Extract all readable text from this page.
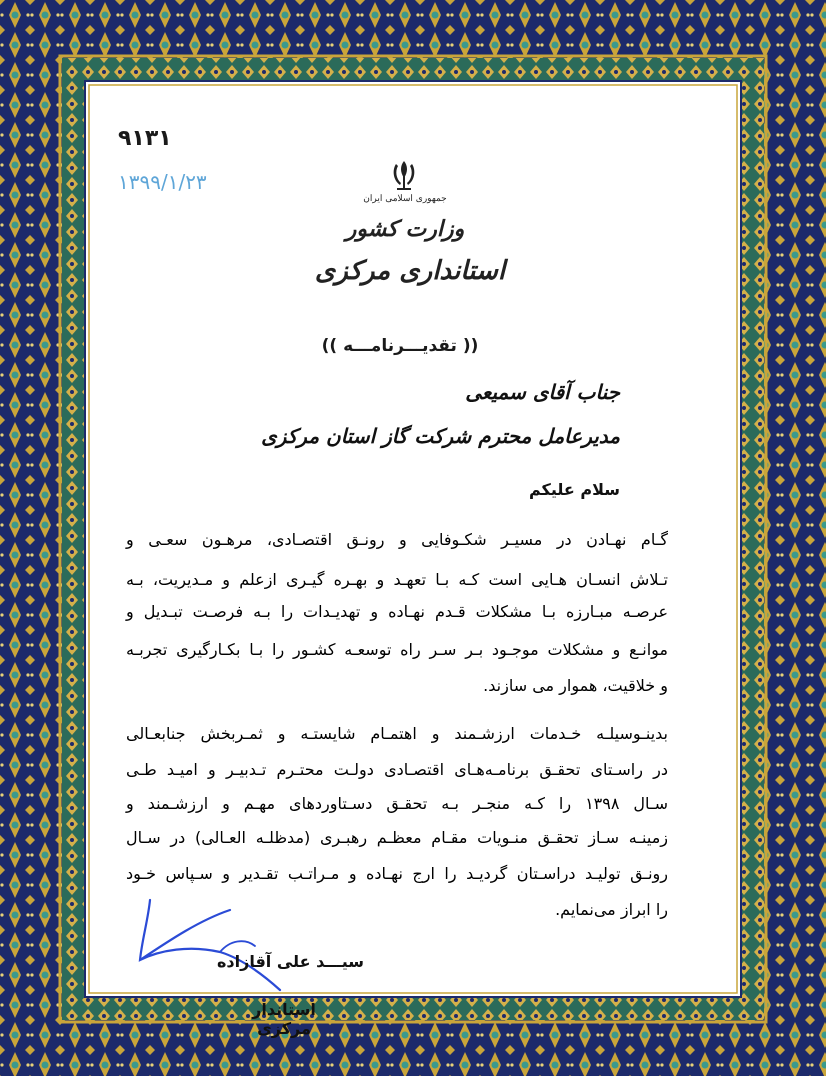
۹۱۳۱
۱۳۹۹/۱/۲۳
جمهوری اسلامی ایران
وزارت کشور
استانداری مرکزی
(( تقدیـــرنامـــه ))
جناب آقای سمیعی
مدیرعامل محترم شرکت گاز استان مرکزی
سلام علیکم
گـام نهـادن در مسیـر شکـوفایی و رونـق اقتصـادی، مرهـون سعـی و
تـلاش انسـان هـایی است کـه بـا تعهـد و بهـره گیـری ازعلم و مـدیریت، بـه
عرصـه مبـارزه بـا مشکلات قـدم نهـاده و تهدیـدات را بـه فرصـت تبـدیل و
موانـع و مشکلات موجـود بـر سـر راه توسعـه کشـور را بـا بکـارگیری تجربـه
و خلاقیت، هموار می سازند.
بدینـوسیلـه خـدمات ارزشـمند و اهتمـام شایستـه و ثمـربخش جنابعـالی
در راسـتای تحقـق برنامـه‌هـای اقتصـادی دولـت محتـرم تـدبیـر و امیـد طـی
سـال ۱۳۹۸ را کـه منجـر بـه تحقـق دسـتاوردهای مهـم و ارزشـمند و
زمینـه سـاز تحقـق منـویات مقـام معظـم رهبـری (مدظلـه العـالی) در سـال
رونـق تولیـد دراسـتان گردیـد را ارج نهـاده و مـراتـب تقـدیر و سـپاس خـود
را ابراز می‌نمایم.
سیـــد علی آقازاده
استاندار مرکزی
